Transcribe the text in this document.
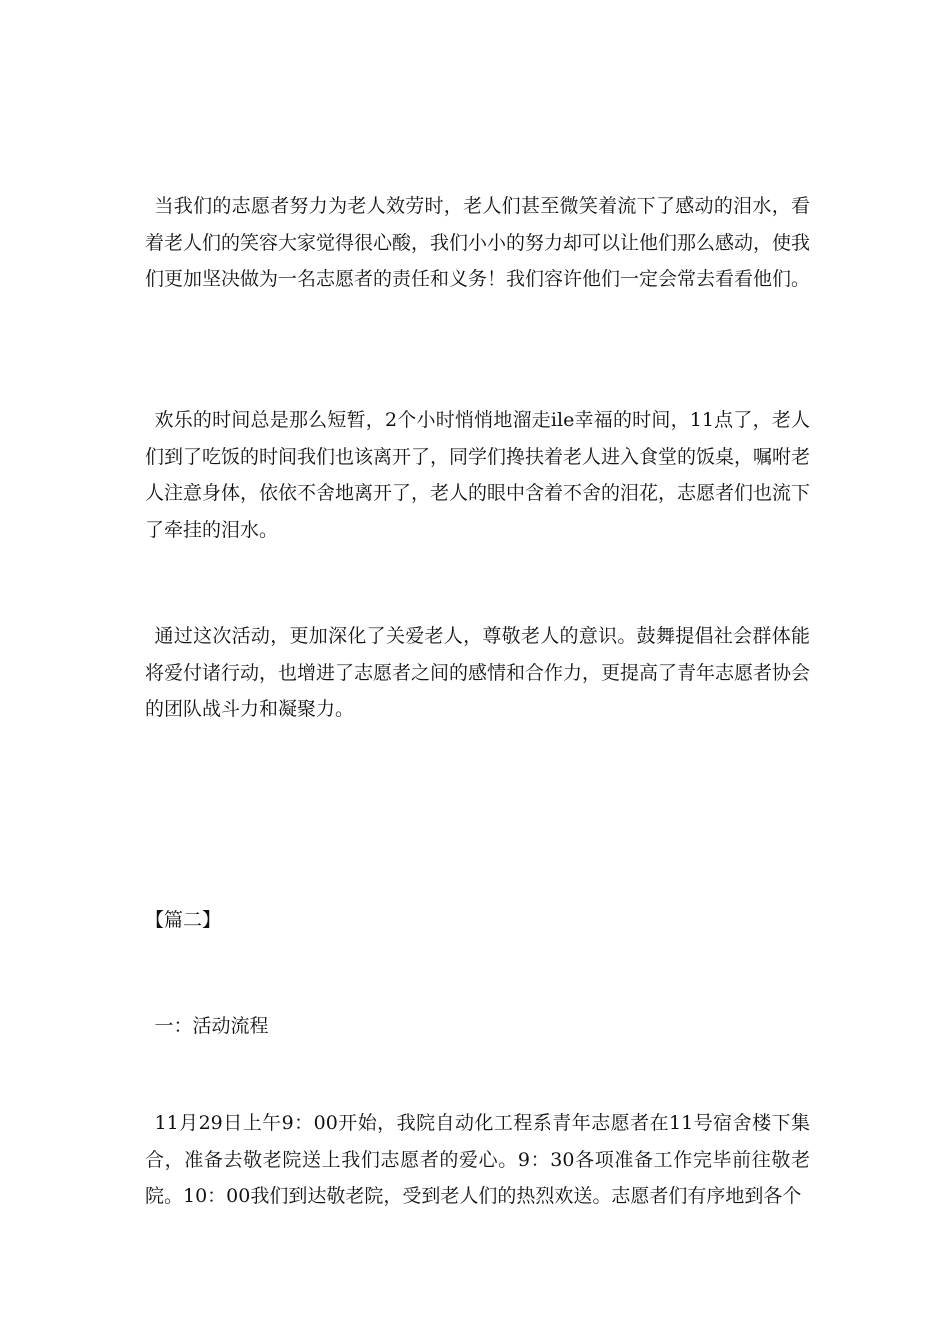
当我们的志愿者努力为老人效劳时，老人们甚至微笑着流下了感动的泪水，看着老人们的笑容大家觉得很心酸，我们小小的努力却可以让他们那么感动，使我们更加坚决做为一名志愿者的责任和义务！我们容许他们一定会常去看看他们。

欢乐的时间总是那么短暂，2个小时悄悄地溜走ile幸福的时间，11点了，老人们到了吃饭的时间我们也该离开了，同学们搀扶着老人进入食堂的饭桌，嘱咐老人注意身体，依依不舍地离开了，老人的眼中含着不舍的泪花，志愿者们也流下了牵挂的泪水。

通过这次活动，更加深化了关爱老人，尊敬老人的意识。鼓舞提倡社会群体能将爱付诸行动，也增进了志愿者之间的感情和合作力，更提高了青年志愿者协会的团队战斗力和凝聚力。

【篇二】

一：活动流程

11月29日上午9：00开始，我院自动化工程系青年志愿者在11号宿舍楼下集合，准备去敬老院送上我们志愿者的爱心。9：30各项准备工作完毕前往敬老院。10：00我们到达敬老院，受到老人们的热烈欢送。志愿者们有序地到各个
